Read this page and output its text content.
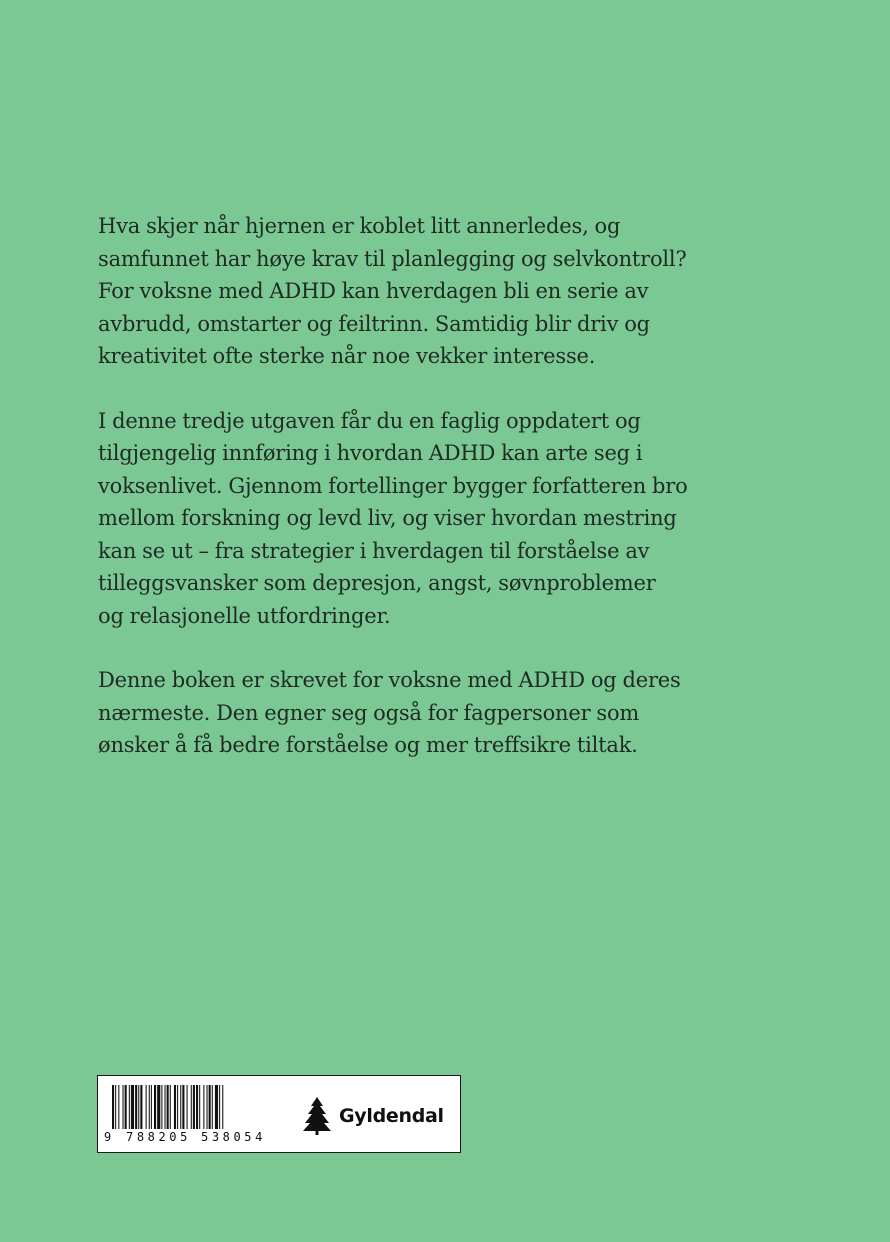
Hva skjer når hjernen er koblet litt annerledes, og
samfunnet har høye krav til planlegging og selvkontroll?
For voksne med ADHD kan hverdagen bli en serie av
avbrudd, omstarter og feiltrinn. Samtidig blir driv og
kreativitet ofte sterke når noe vekker interesse.
I denne tredje utgaven får du en faglig oppdatert og
tilgjengelig innføring i hvordan ADHD kan arte seg i
voksenlivet. Gjennom fortellinger bygger forfatteren bro
mellom forskning og levd liv, og viser hvordan mestring
kan se ut – fra strategier i hverdagen til forståelse av
tilleggsvansker som depresjon, angst, søvnproblemer
og relasjonelle utfordringer.
Denne boken er skrevet for voksne med ADHD og deres
nærmeste. Den egner seg også for fagpersoner som
ønsker å få bedre forståelse og mer treffsikre tiltak.
9 788205 538054
Gyldendal
